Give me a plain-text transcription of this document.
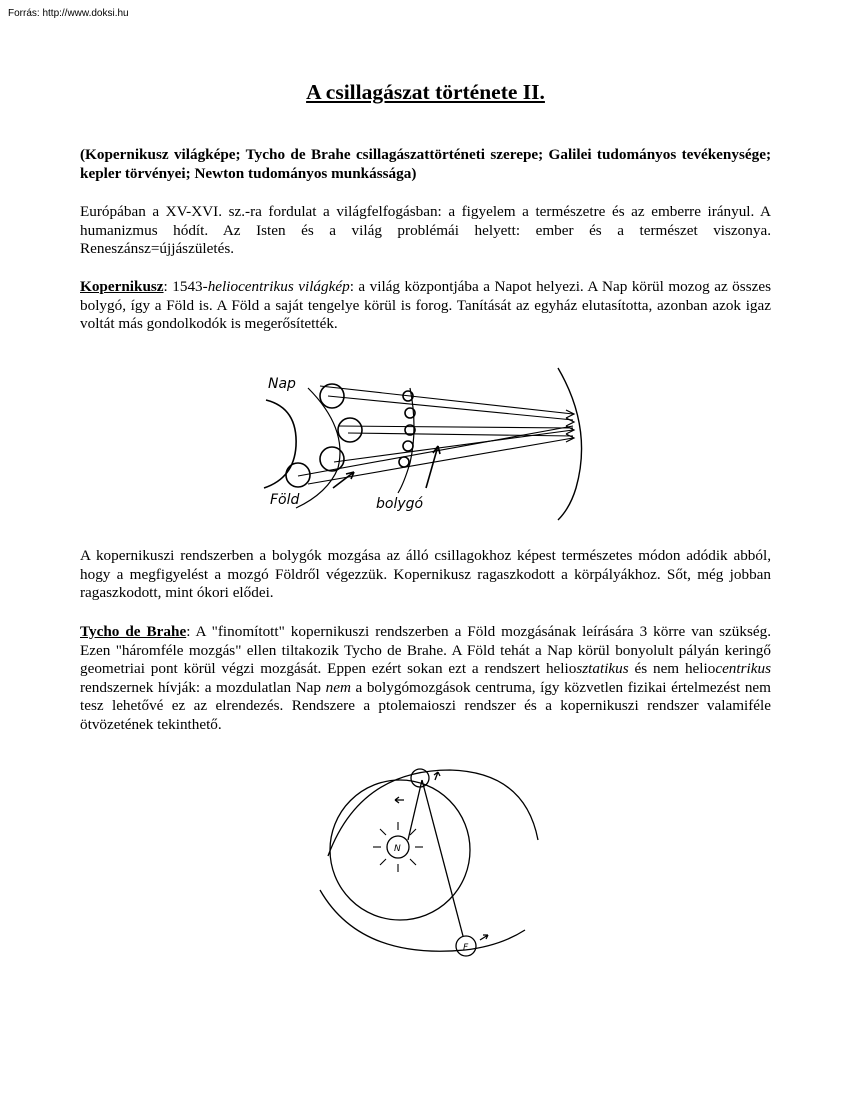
Forrás: http://www.doksi.hu
A csillagászat története II.

(Kopernikusz világképe; Tycho de Brahe csillagászattörténeti szerepe; Galilei tudományos tevékenysége; kepler törvényei; Newton tudományos munkássága)

Európában a XV-XVI. sz.-ra fordulat a világfelfogásban: a figyelem a természetre és az emberre irányul. A humanizmus hódít. Az Isten és a világ problémái helyett: ember és a természet viszonya. Reneszánsz=újjászületés.

Kopernikusz: 1543-heliocentrikus világkép: a világ központjába a Napot helyezi. A Nap körül mozog az összes bolygó, így a Föld is. A Föld a saját tengelye körül is forog. Tanítását az egyház elutasította, azonban azok igaz voltát más gondolkodók is megerősítették.

A kopernikuszi rendszerben a bolygók mozgása az álló csillagokhoz képest természetes módon adódik abból, hogy a megfigyelést a mozgó Földről végezzük. Kopernikusz ragaszkodott a körpályákhoz. Sőt, még jobban ragaszkodott, mint ókori elődei.

Tycho de Brahe: A "finomított" kopernikuszi rendszerben a Föld mozgásának leírására 3 körre van szükség. Ezen "háromféle mozgás" ellen tiltakozik Tycho de Brahe. A Föld tehát a Nap körül bonyolult pályán keringő geometriai pont körül végzi mozgását. Eppen ezért sokan ezt a rendszert heliosztatikus és nem heliocentrikus rendszernek hívják: a mozdulatlan Nap nem a bolygómozgások centruma, így közvetlen fizikai értelmezést nem tesz lehetővé ez az elrendezés. Rendszere a ptolemaioszi rendszer és a kopernikuszi rendszer valamiféle ötvözetének tekinthető.

Nap
Föld	bolygó
N
F
